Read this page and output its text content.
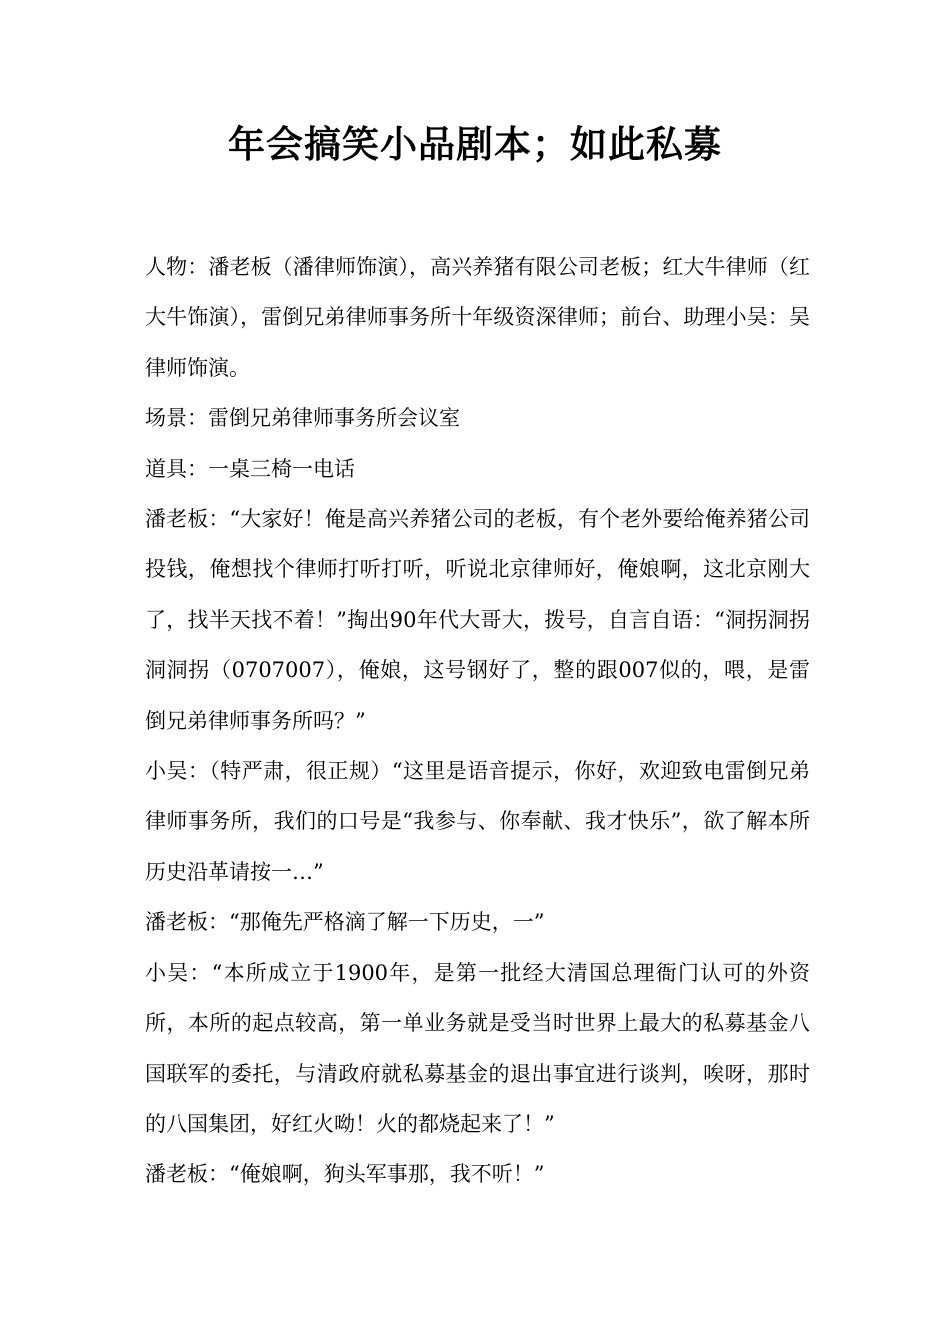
年会搞笑小品剧本；如此私募

人物：潘老板（潘律师饰演），高兴养猪有限公司老板；红大牛律师（红大牛饰演），雷倒兄弟律师事务所十年级资深律师；前台、助理小吴：吴律师饰演。

场景：雷倒兄弟律师事务所会议室

道具：一桌三椅一电话

潘老板：“大家好！俺是高兴养猪公司的老板，有个老外要给俺养猪公司投钱，俺想找个律师打听打听，听说北京律师好，俺娘啊，这北京刚大了，找半天找不着！”掏出90年代大哥大，拨号，自言自语：“洞拐洞拐洞洞拐（0707007），俺娘，这号钢好了，整的跟007似的，喂，是雷倒兄弟律师事务所吗？”

小吴：（特严肃，很正规）“这里是语音提示，你好，欢迎致电雷倒兄弟律师事务所，我们的口号是“我参与、你奉献、我才快乐”，欲了解本所历史沿革请按一…”

潘老板：“那俺先严格滴了解一下历史，一”

小吴：“本所成立于1900年，是第一批经大清国总理衙门认可的外资所，本所的起点较高，第一单业务就是受当时世界上最大的私募基金八国联军的委托，与清政府就私募基金的退出事宜进行谈判，唉呀，那时的八国集团，好红火呦！火的都烧起来了！”

潘老板：“俺娘啊，狗头军事那，我不听！”
